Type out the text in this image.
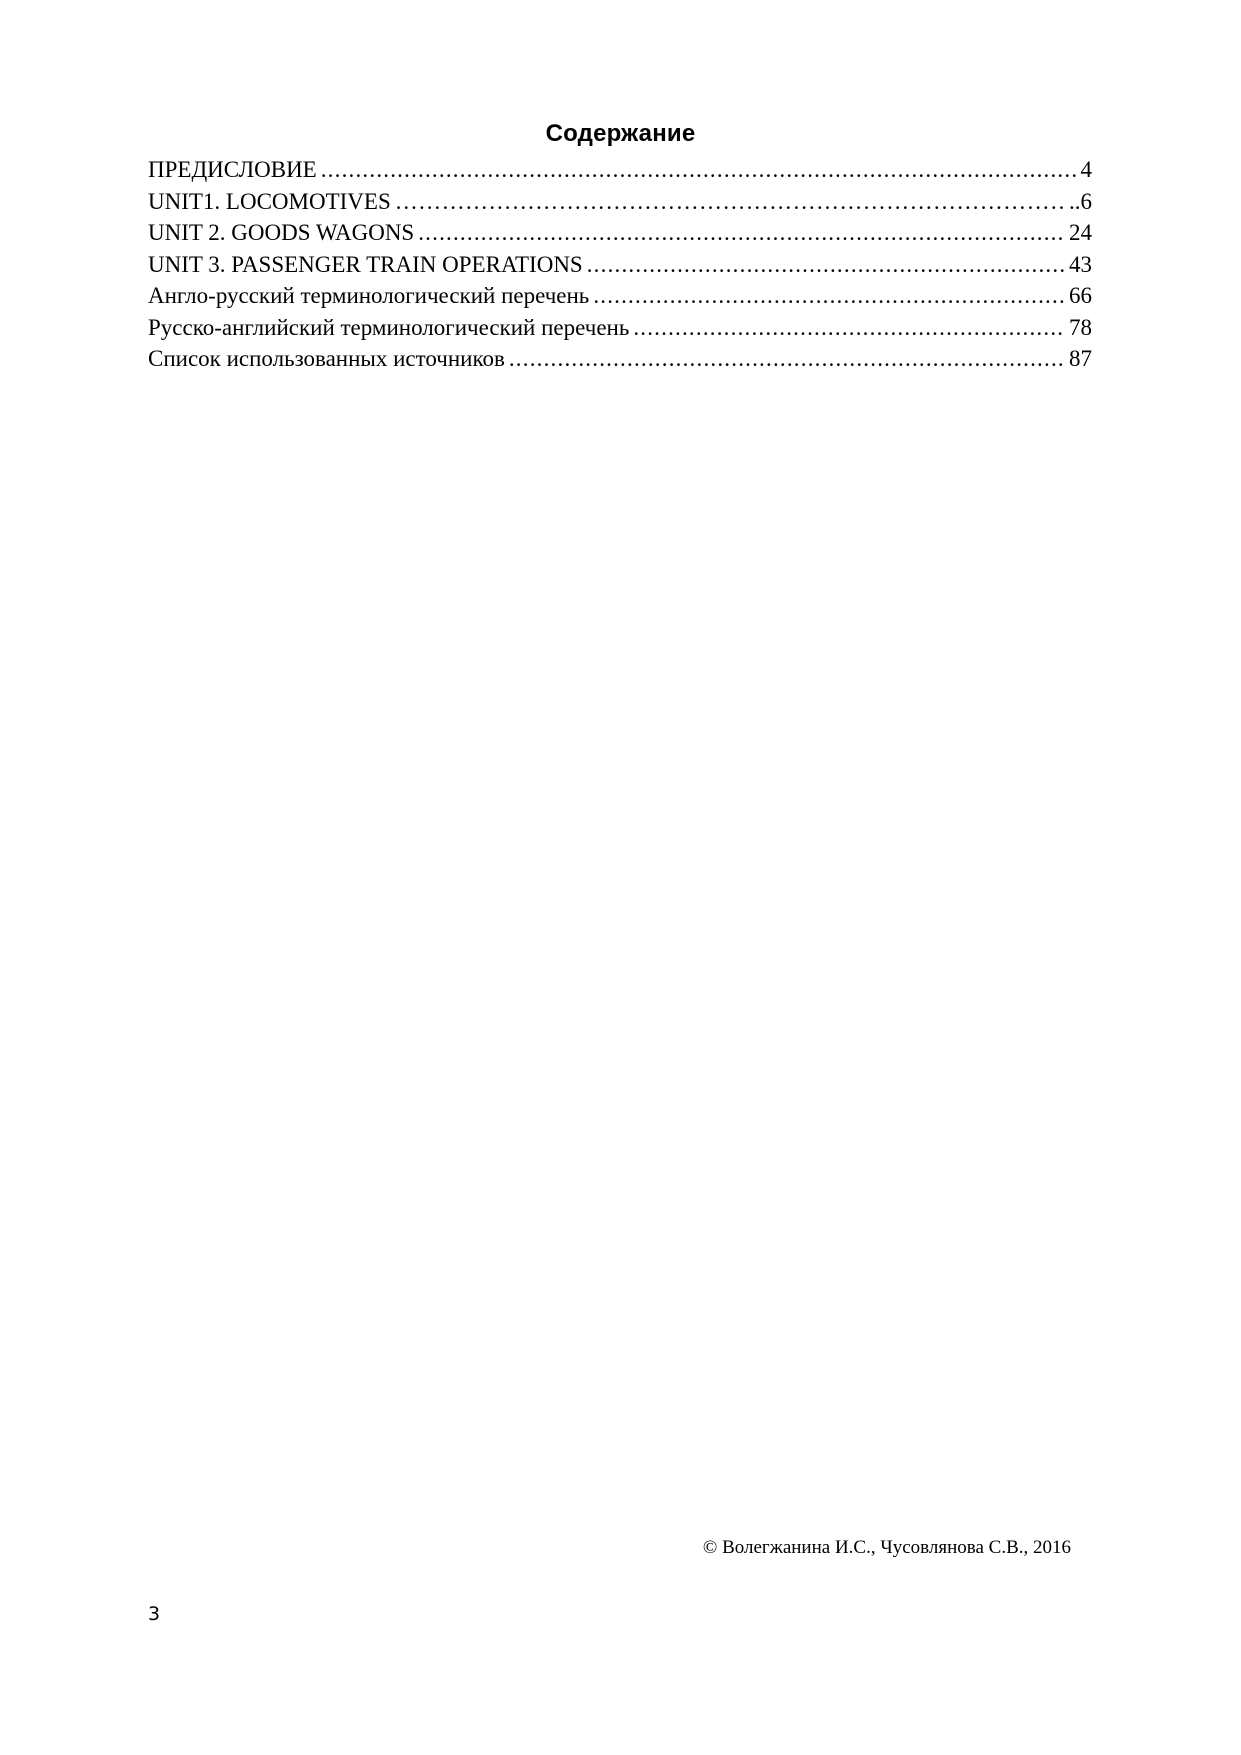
Содержание
ПРЕДИСЛОВИЕ .....	4
UNIT1. LOCOMOTIVES …………………………………………………………………………………………………………………………………………………………………………………………………………………………………	..6
UNIT 2. GOODS WAGONS .....	24
UNIT 3. PASSENGER TRAIN OPERATIONS .....	43
Англо-русский терминологический перечень .....	66
Русско-английский терминологический перечень .....	78
Список использованных источников .....	87
© Волегжанина И.С., Чусовлянова С.В., 2016
3
